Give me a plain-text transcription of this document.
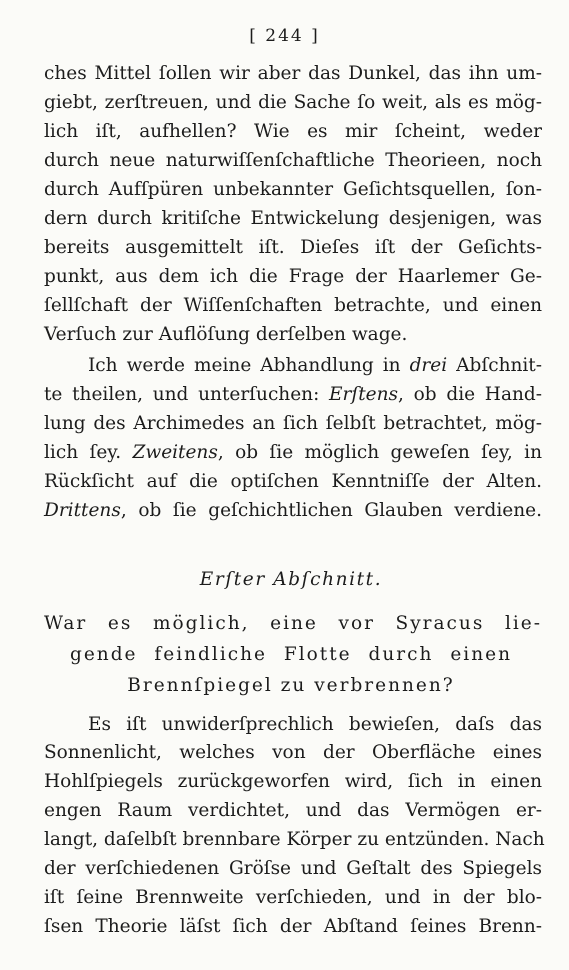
[ 244 ]
ches Mittel ſollen wir aber das Dunkel, das ihn um-
giebt, zerſtreuen, und die Sache ſo weit, als es mög-
lich iſt, aufhellen? Wie es mir ſcheint, weder
durch neue naturwiſſenſchaftliche Theorieen, noch
durch Aufſpüren unbekannter Geſichtsquellen, ſon-
dern durch kritiſche Entwickelung desjenigen, was
bereits ausgemittelt iſt. Dieſes iſt der Geſichts-
punkt, aus dem ich die Frage der Haarlemer Ge-
ſellſchaft der Wiſſenſchaften betrachte, und einen
Verſuch zur Auflöſung derſelben wage.
Ich werde meine Abhandlung in drei Abſchnit-
te theilen, und unterſuchen: Erſtens, ob die Hand-
lung des Archimedes an ſich ſelbſt betrachtet, mög-
lich ſey. Zweitens, ob ſie möglich geweſen ſey, in
Rückſicht auf die optiſchen Kenntniſſe der Alten.
Drittens, ob ſie geſchichtlichen Glauben verdiene.
Erſter Abſchnitt.
War es möglich, eine vor Syracus lie-
gende feindliche Flotte durch einen
Brennſpiegel zu verbrennen?
Es iſt unwiderſprechlich bewieſen, daſs das
Sonnenlicht, welches von der Oberfläche eines
Hohlſpiegels zurückgeworfen wird, ſich in einen
engen Raum verdichtet, und das Vermögen er-
langt, daſelbſt brennbare Körper zu entzünden. Nach
der verſchiedenen Gröſse und Geſtalt des Spiegels
iſt ſeine Brennweite verſchieden, und in der blo-
ſsen Theorie läſst ſich der Abſtand ſeines Brenn-
